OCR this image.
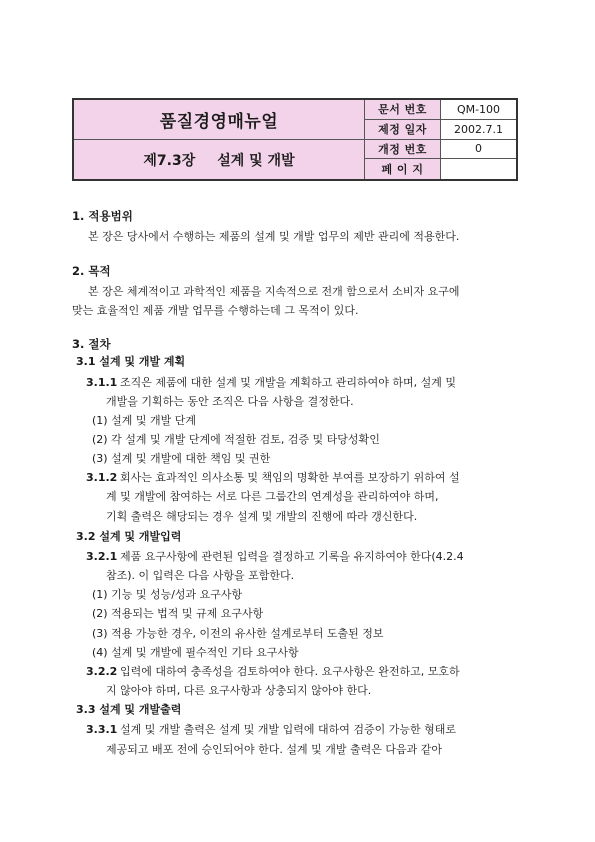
품질경영매뉴얼
제7.3장 설계 및 개발
문서 번호	QM-100
제정 일자	2002.7.1
개정 번호	0
페 이 지
1. 적용범위
본 장은 당사에서 수행하는 제품의 설계 및 개발 업무의 제반 관리에 적용한다.
2. 목적
본 장은 체계적이고 과학적인 제품을 지속적으로 전개 함으로서 소비자 요구에
맞는 효율적인 제품 개발 업무를 수행하는데 그 목적이 있다.
3. 절차
3.1 설계 및 개발 계획
3.1.1 조직은 제품에 대한 설계 및 개발을 계획하고 관리하여야 하며, 설계 및
개발을 기획하는 동안 조직은 다음 사항을 결정한다.
(1) 설계 및 개발 단계
(2) 각 설계 및 개발 단계에 적절한 검토, 검증 및 타당성확인
(3) 설계 및 개발에 대한 책임 및 권한
3.1.2 회사는 효과적인 의사소통 및 책임의 명확한 부여를 보장하기 위하여 설
계 및 개발에 참여하는 서로 다른 그룹간의 연계성을 관리하여야 하며,
기획 출력은 해당되는 경우 설계 및 개발의 진행에 따라 갱신한다.
3.2 설계 및 개발입력
3.2.1 제품 요구사항에 관련된 입력을 결정하고 기록을 유지하여야 한다(4.2.4
참조). 이 입력은 다음 사항을 포함한다.
(1) 기능 및 성능/성과 요구사항
(2) 적용되는 법적 및 규제 요구사항
(3) 적용 가능한 경우, 이전의 유사한 설계로부터 도출된 정보
(4) 설계 및 개발에 필수적인 기타 요구사항
3.2.2 입력에 대하여 충족성을 검토하여야 한다. 요구사항은 완전하고, 모호하
지 않아야 하며, 다른 요구사항과 상충되지 않아야 한다.
3.3 설계 및 개발출력
3.3.1 설계 및 개발 출력은 설계 및 개발 입력에 대하여 검증이 가능한 형태로
제공되고 배포 전에 승인되어야 한다. 설계 및 개발 출력은 다음과 같아
